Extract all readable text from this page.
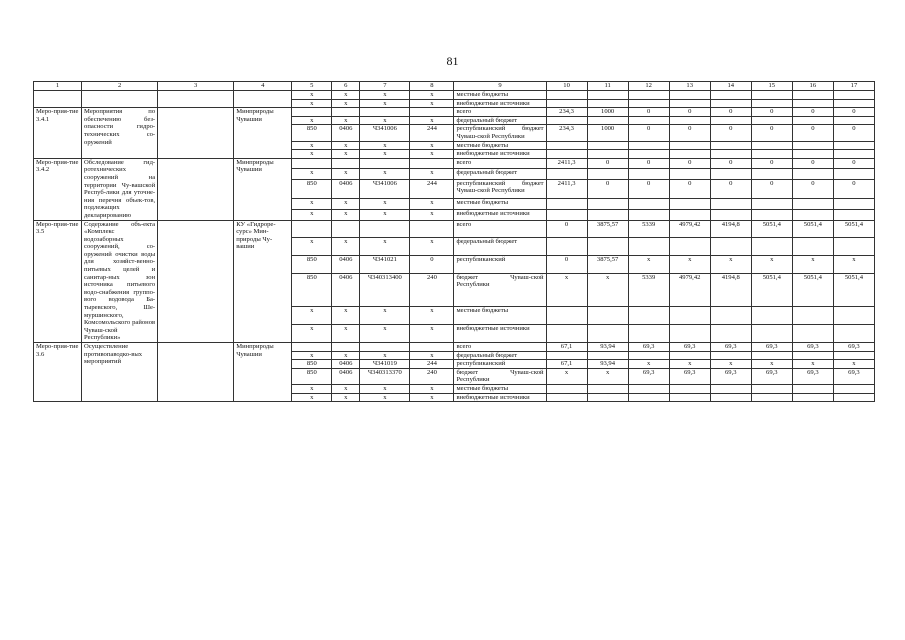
81
1	2	3	4	5	6	7	8	9	10	11	12	13	14	15	16	17
				x	x	x	x	местные бюджеты								
				x	x	x	x	внебюджетные источники								
Меро-прия-тие 3.4.1	Мероприятия по обеспечению без-опасности гидро-технических со-оружений		Минприроды Чувашии					всего	234,3	1000	0	0	0	0	0	0
				x	x	x	x	федеральный бюджет								
				850	0406	Ч341006	244	республиканский бюджет Чуваш-ской Республики	234,3	1000	0	0	0	0	0	0
				x	x	x	x	местные бюджеты								
				x	x	x	x	внебюджетные источники								
Меро-прия-тие 3.4.2	Обследование гид-ротехнических сооружений на территории Чу-вашской Респуб-лики для уточне-ния перечня объек-тов, подлежащих декларированию		Минприроды Чувашии					всего	2411,3	0	0	0	0	0	0	0
				x	x	x	x	федеральный бюджет								
				850	0406	Ч341006	244	республиканский бюджет Чуваш-ской Республики	2411,3	0	0	0	0	0	0	0
				x	x	x	x	местные бюджеты								
				x	x	x	x	внебюджетные источники								
Меро-прия-тие 3.5	Содержание объ-екта «Комплекс водозаборных сооружений, со-оружений очистки воды для хозяйст-венно-питьевых целей и санитар-ных зон источника питьевого водо-снабжения группо-вого водовода Ба-тыревского, Ше-муршинского, Комсомольского районов Чуваш-ской Республики»		КУ «Гидроре-сурс» Мин-природы Чу-вашии					всего	0	3875,57	5339	4979,42	4194,8	5051,4	5051,4	5051,4
				x	x	x	x	федеральный бюджет								
				850	0406	Ч341021	0	республиканский	0	3875,57	x	x	x	x	x	x
				850	0406	Ч340313400	240	бюджет Чуваш-ской Республики	x	x	5339	4979,42	4194,8	5051,4	5051,4	5051,4
				x	x	x	x	местные бюджеты								
				x	x	x	x	внебюджетные источники								
Меро-прия-тие 3.6	Осуществление противопаводко-вых мероприятий		Минприроды Чувашии					всего	67,1	93,94	69,3	69,3	69,3	69,3	69,3	69,3
				x	x	x	x	федеральный бюджет								
				850	0406	Ч341019	244	республиканский	67,1	93,94	x	x	x	x	x	x
				850	0406	Ч340313370	240	бюджет Чуваш-ской Республики	x	x	69,3	69,3	69,3	69,3	69,3	69,3
				x	x	x	x	местные бюджеты								
				x	x	x	x	внебюджетные источники								
